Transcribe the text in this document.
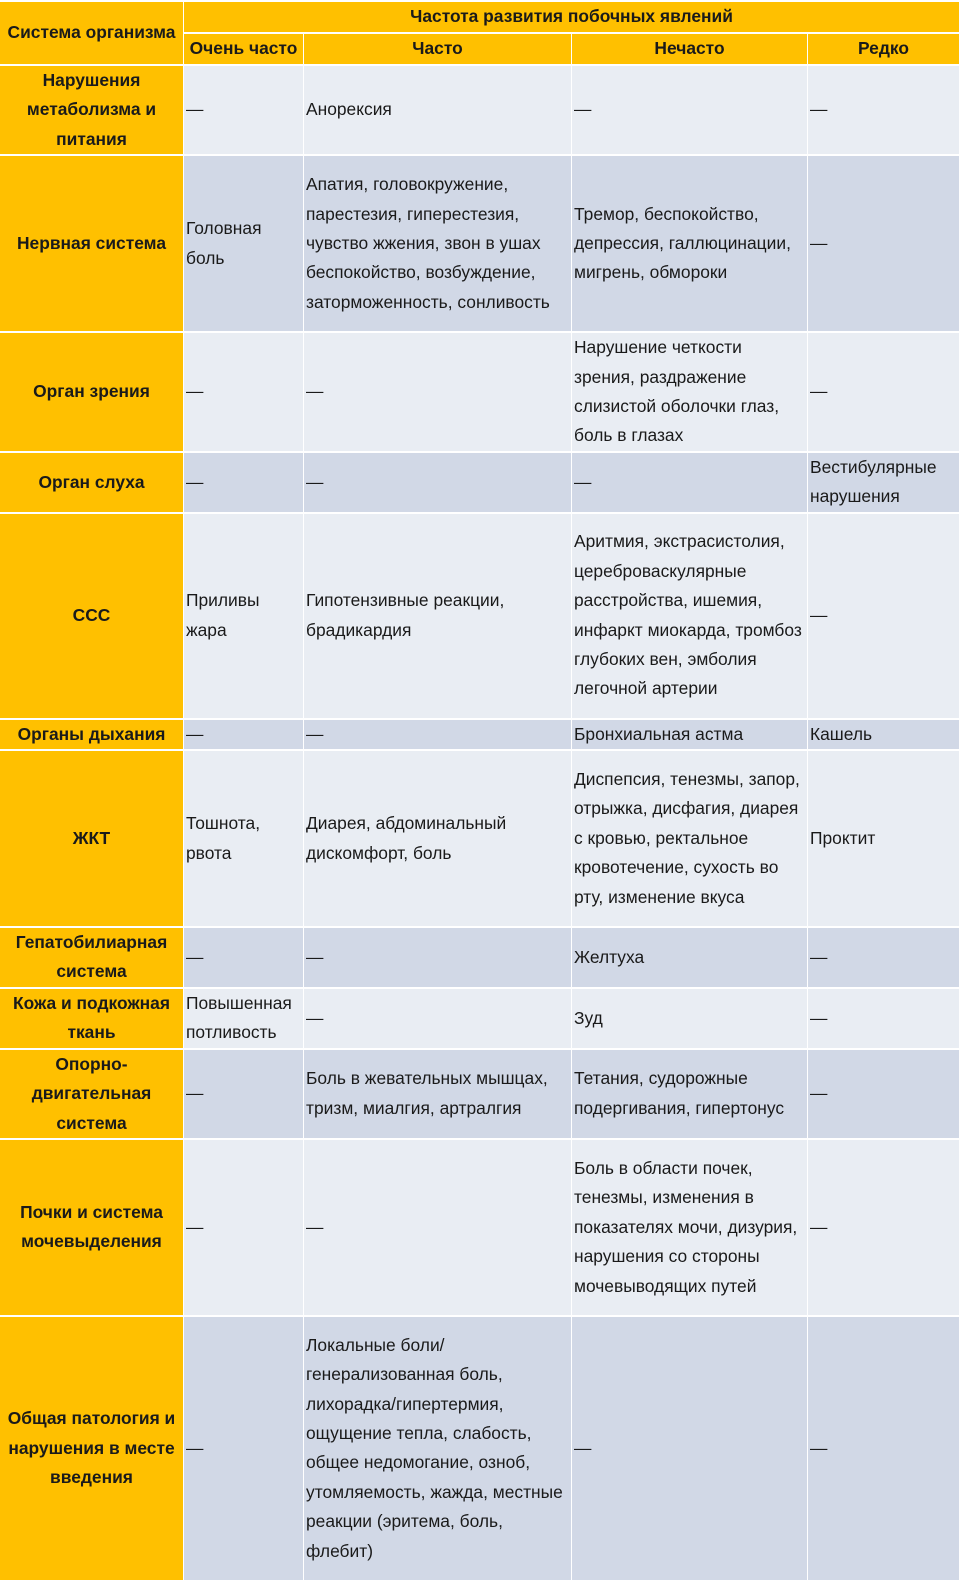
Система организма	Частота развития побочных явлений			
	Очень часто	Часто	Нечасто	Редко
Нарушения метаболизма и питания	—	Анорексия	—	—
Нервная система	Головная боль	Апатия, головокружение, парестезия, гиперестезия, чувство жжения, звон в ушах беспокойство, возбуждение, заторможенность, сонливость	Тремор, беспокойство, депрессия, галлюцинации, мигрень, обмороки	—
Орган зрения	—	—	Нарушение четкости зрения, раздражение слизистой оболочки глаз, боль в глазах	—
Орган слуха	—	—	—	Вестибулярные нарушения
ССС	Приливы жара	Гипотензивные реакции, брадикардия	Аритмия, экстрасистолия, цереброваскулярные расстройства, ишемия, инфаркт миокарда, тромбоз глубоких вен, эмболия легочной артерии	—
Органы дыхания	—	—	Бронхиальная астма	Кашель
ЖКТ	Тошнота, рвота	Диарея, абдоминальный дискомфорт, боль	Диспепсия, тенезмы, запор, отрыжка, дисфагия, диарея с кровью, ректальное кровотечение, сухость во рту, изменение вкуса	Проктит
Гепатобилиарная система	—	—	Желтуха	—
Кожа и подкожная ткань	Повышенная потливость	—	Зуд	—
Опорно-двигательная система	—	Боль в жевательных мышцах, тризм, миалгия, артралгия	Тетания, судорожные подергивания, гипертонус	—
Почки и система мочевыделения	—	—	Боль в области почек, тенезмы, изменения в показателях мочи, дизурия, нарушения со стороны мочевыводящих путей	—
Общая патология и нарушения в месте введения	—	Локальные боли/генерализованная боль, лихорадка/гипертермия, ощущение тепла, слабость, общее недомогание, озноб, утомляемость, жажда, местные реакции (эритема, боль, флебит)	—	—
